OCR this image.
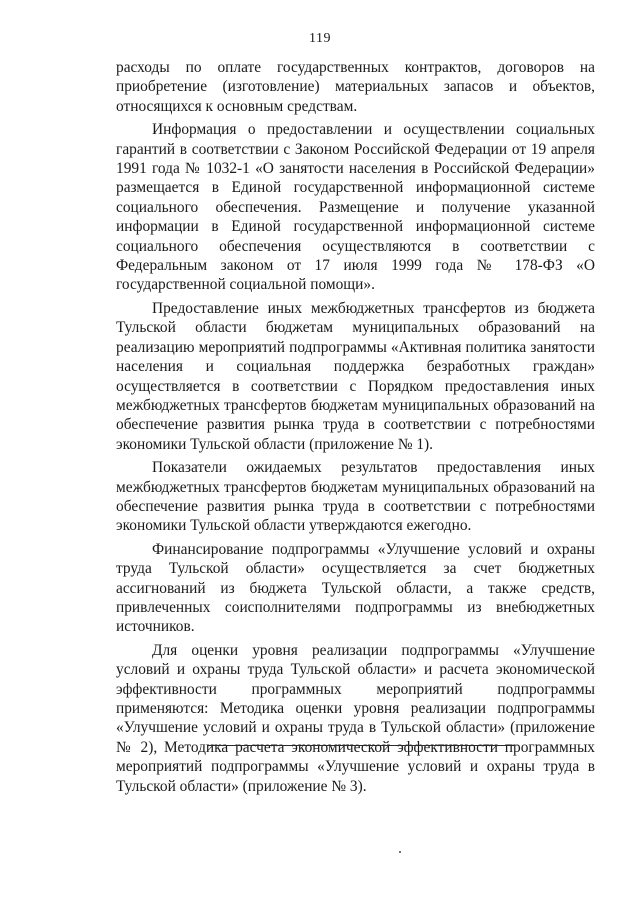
119

расходы по оплате государственных контрактов, договоров на приобретение (изготовление) материальных запасов и объектов, относящихся к основным средствам.

Информация о предоставлении и осуществлении социальных гарантий в соответствии с Законом Российской Федерации от 19 апреля 1991 года № 1032-1 «О занятости населения в Российской Федерации» размещается в Единой государственной информационной системе социального обеспечения. Размещение и получение указанной информации в Единой государственной информационной системе социального обеспечения осуществляются в соответствии с Федеральным законом от 17 июля 1999 года № 178-ФЗ «О государственной социальной помощи».

Предоставление иных межбюджетных трансфертов из бюджета Тульской области бюджетам муниципальных образований на реализацию мероприятий подпрограммы «Активная политика занятости населения и социальная поддержка безработных граждан» осуществляется в соответствии с Порядком предоставления иных межбюджетных трансфертов бюджетам муниципальных образований на обеспечение развития рынка труда в соответствии с потребностями экономики Тульской области (приложение № 1).

Показатели ожидаемых результатов предоставления иных межбюджетных трансфертов бюджетам муниципальных образований на обеспечение развития рынка труда в соответствии с потребностями экономики Тульской области утверждаются ежегодно.

Финансирование подпрограммы «Улучшение условий и охраны труда Тульской области» осуществляется за счет бюджетных ассигнований из бюджета Тульской области, а также средств, привлеченных соисполнителями подпрограммы из внебюджетных источников.

Для оценки уровня реализации подпрограммы «Улучшение условий и охраны труда Тульской области» и расчета экономической эффективности программных мероприятий подпрограммы применяются: Методика оценки уровня реализации подпрограммы «Улучшение условий и охраны труда в Тульской области» (приложение № 2), Методика расчета экономической эффективности программных мероприятий подпрограммы «Улучшение условий и охраны труда в Тульской области» (приложение № 3).
